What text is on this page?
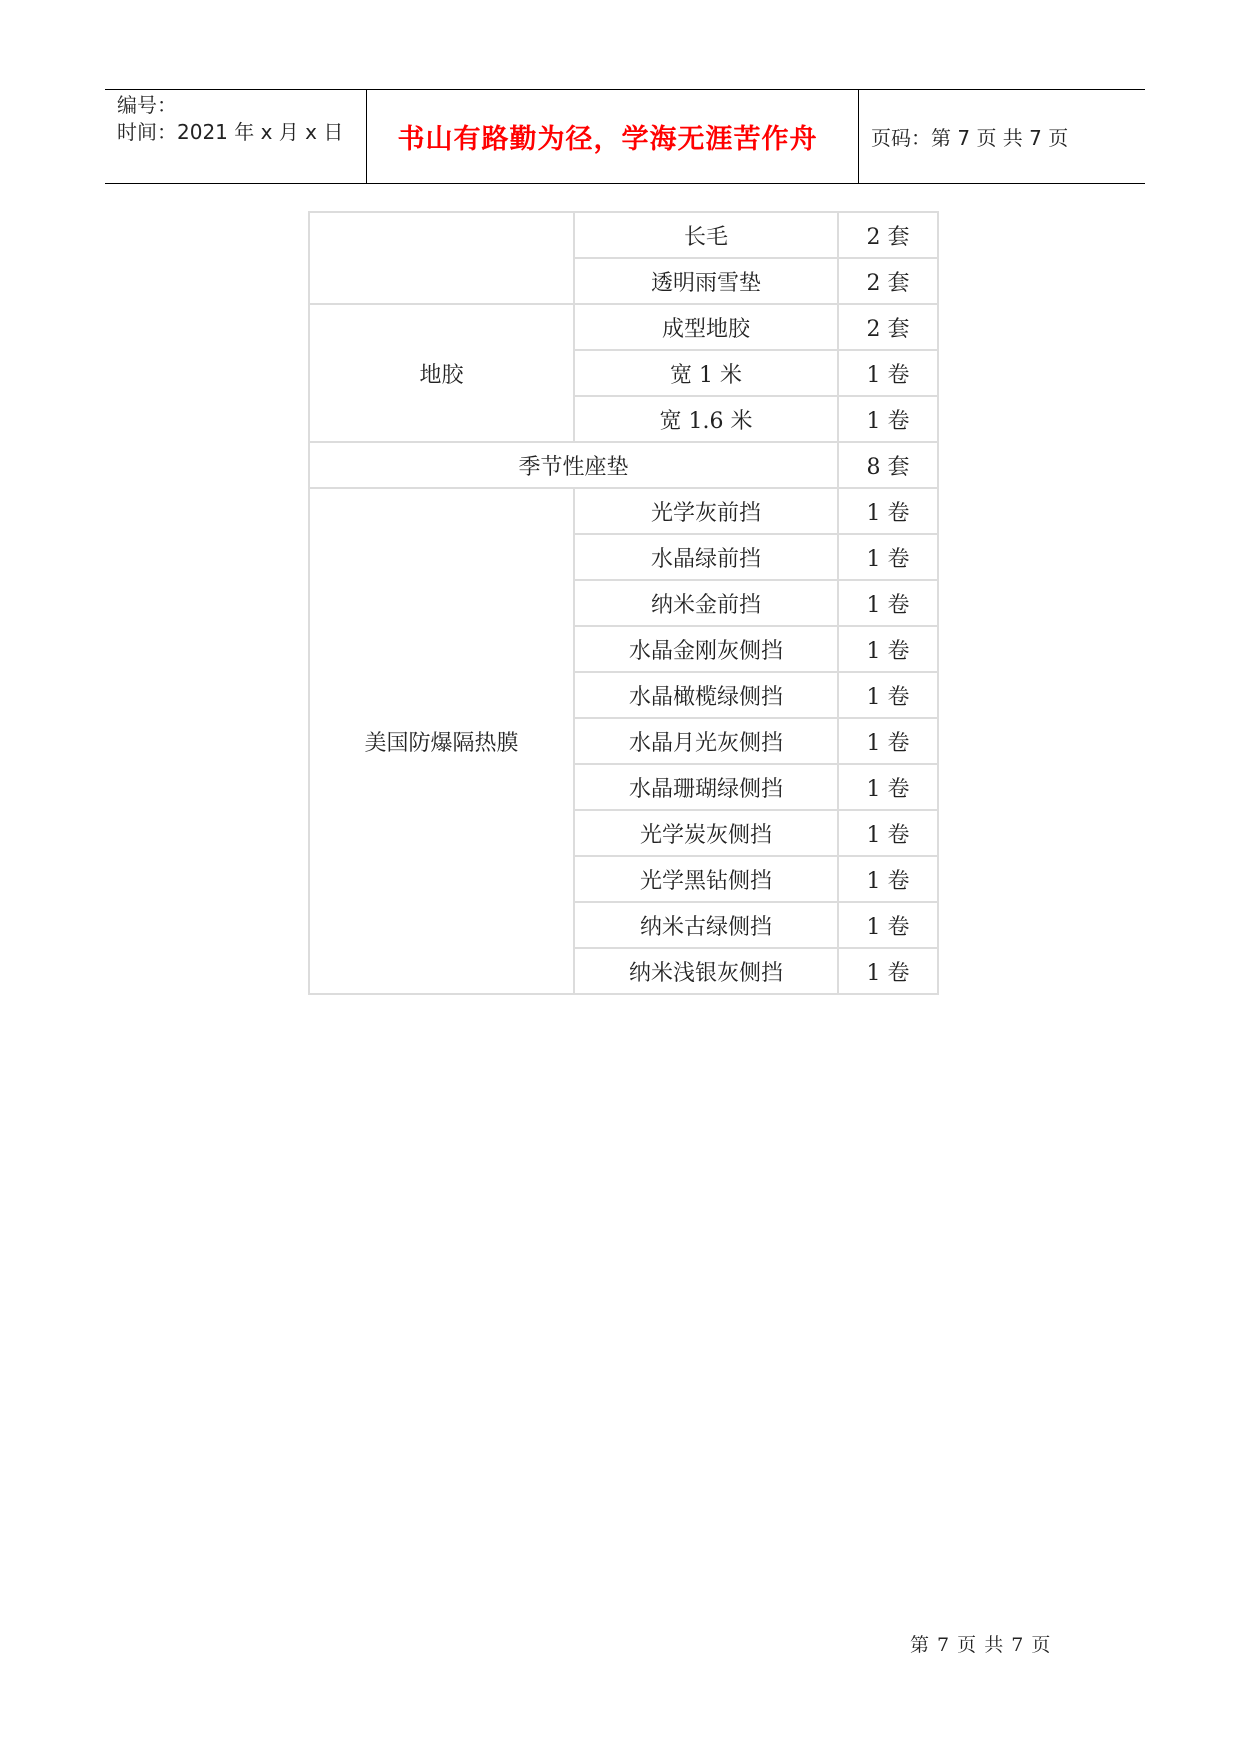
编号：
时间：2021 年 x 月 x 日	书山有路勤为径，学海无涯苦作舟	页码：第 7 页 共 7 页
	长毛	2 套
	透明雨雪垫	2 套
地胶	成型地胶	2 套
	宽 1 米	1 卷
	宽 1.6 米	1 卷
季节性座垫		8 套
美国防爆隔热膜	光学灰前挡	1 卷
	水晶绿前挡	1 卷
	纳米金前挡	1 卷
	水晶金刚灰侧挡	1 卷
	水晶橄榄绿侧挡	1 卷
	水晶月光灰侧挡	1 卷
	水晶珊瑚绿侧挡	1 卷
	光学炭灰侧挡	1 卷
	光学黑钻侧挡	1 卷
	纳米古绿侧挡	1 卷
	纳米浅银灰侧挡	1 卷
第 7 页 共 7 页
